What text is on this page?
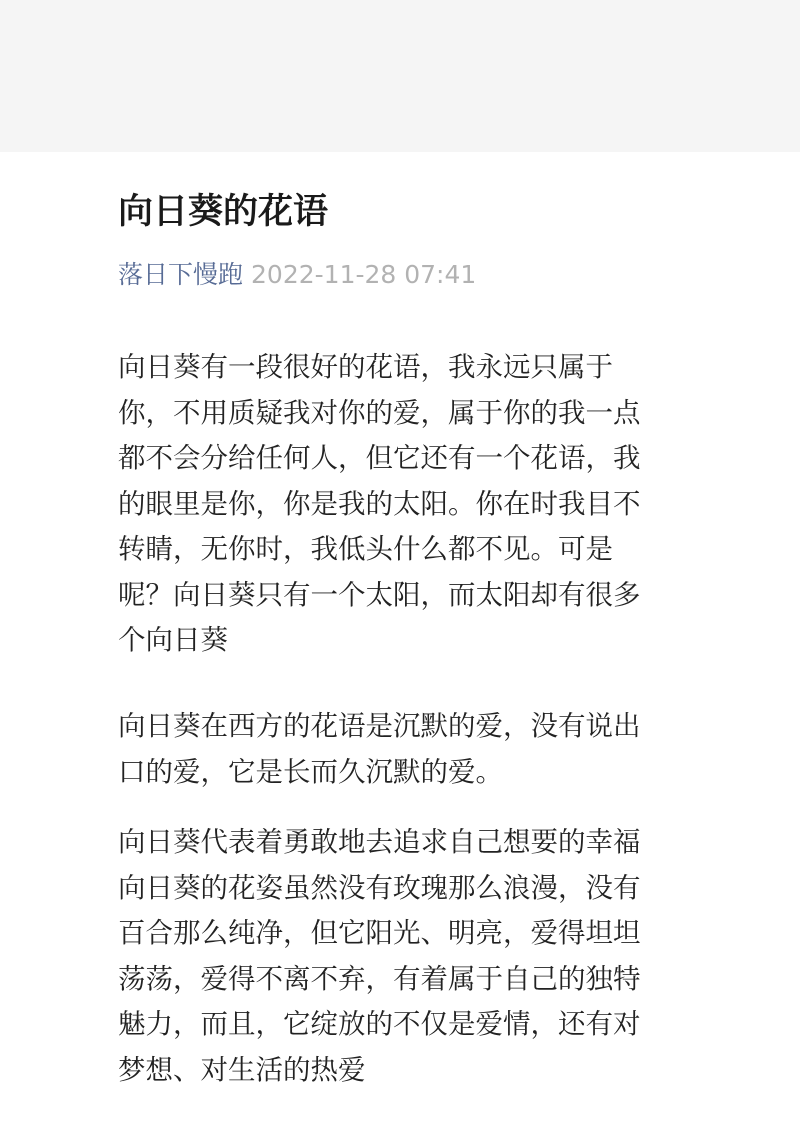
向日葵的花语
落日下慢跑 2022-11-28 07:41

向日葵有一段很好的花语，我永远只属于
你，不用质疑我对你的爱，属于你的我一点
都不会分给任何人，但它还有一个花语，我
的眼里是你，你是我的太阳。你在时我目不
转睛，无你时，我低头什么都不见。可是
呢？向日葵只有一个太阳，而太阳却有很多
个向日葵

向日葵在西方的花语是沉默的爱，没有说出
口的爱，它是长而久沉默的爱。

向日葵代表着勇敢地去追求自己想要的幸福
向日葵的花姿虽然没有玫瑰那么浪漫，没有
百合那么纯净，但它阳光、明亮，爱得坦坦
荡荡，爱得不离不弃，有着属于自己的独特
魅力，而且，它绽放的不仅是爱情，还有对
梦想、对生活的热爱
